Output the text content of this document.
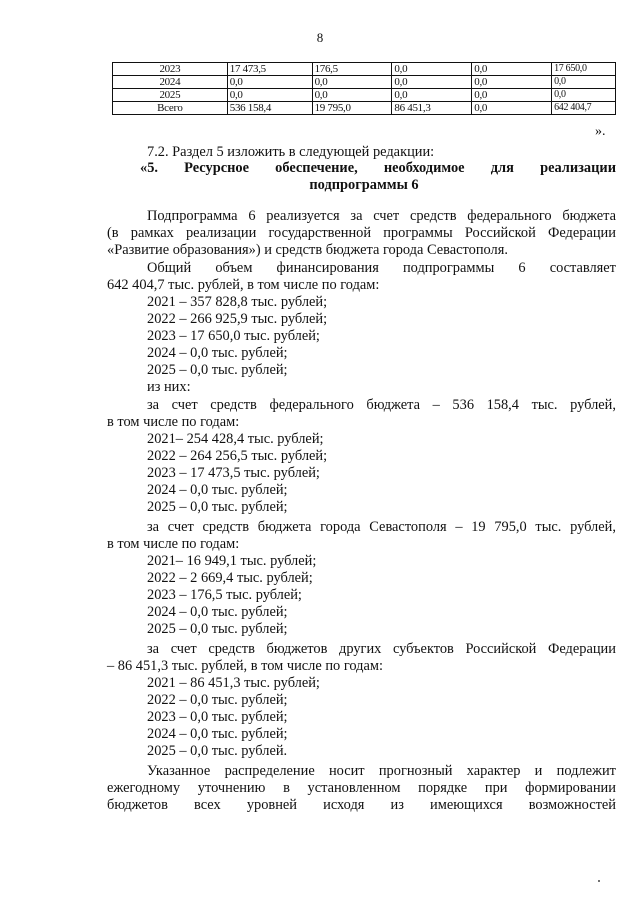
8
2023	17 473,5	176,5	0,0	0,0	17 650,0
2024	0,0	0,0	0,0	0,0	0,0
2025	0,0	0,0	0,0	0,0	0,0
Всего	536 158,4	19 795,0	86 451,3	0,0	642 404,7
».
7.2. Раздел 5 изложить в следующей редакции:
«5. Ресурсное обеспечение, необходимое для реализации
подпрограммы 6
Подпрограмма 6 реализуется за счет средств федерального бюджета
(в рамках реализации государственной программы Российской Федерации
«Развитие образования») и средств бюджета города Севастополя.
Общий объем финансирования подпрограммы 6 составляет
642 404,7 тыс. рублей, в том числе по годам:
2021 – 357 828,8 тыс. рублей;
2022 – 266 925,9 тыс. рублей;
2023 – 17 650,0 тыс. рублей;
2024 – 0,0 тыс. рублей;
2025 – 0,0 тыс. рублей;
из них:
за счет средств федерального бюджета – 536 158,4 тыс. рублей,
в том числе по годам:
2021– 254 428,4 тыс. рублей;
2022 – 264 256,5 тыс. рублей;
2023 – 17 473,5 тыс. рублей;
2024 – 0,0 тыс. рублей;
2025 – 0,0 тыс. рублей;
за счет средств бюджета города Севастополя – 19 795,0 тыс. рублей,
в том числе по годам:
2021– 16 949,1 тыс. рублей;
2022 – 2 669,4 тыс. рублей;
2023 – 176,5 тыс. рублей;
2024 – 0,0 тыс. рублей;
2025 – 0,0 тыс. рублей;
за счет средств бюджетов других субъектов Российской Федерации
– 86 451,3 тыс. рублей, в том числе по годам:
2021 – 86 451,3 тыс. рублей;
2022 – 0,0 тыс. рублей;
2023 – 0,0 тыс. рублей;
2024 – 0,0 тыс. рублей;
2025 – 0,0 тыс. рублей.
Указанное распределение носит прогнозный характер и подлежит
ежегодному уточнению в установленном порядке при формировании
бюджетов всех уровней исходя из имеющихся возможностей
